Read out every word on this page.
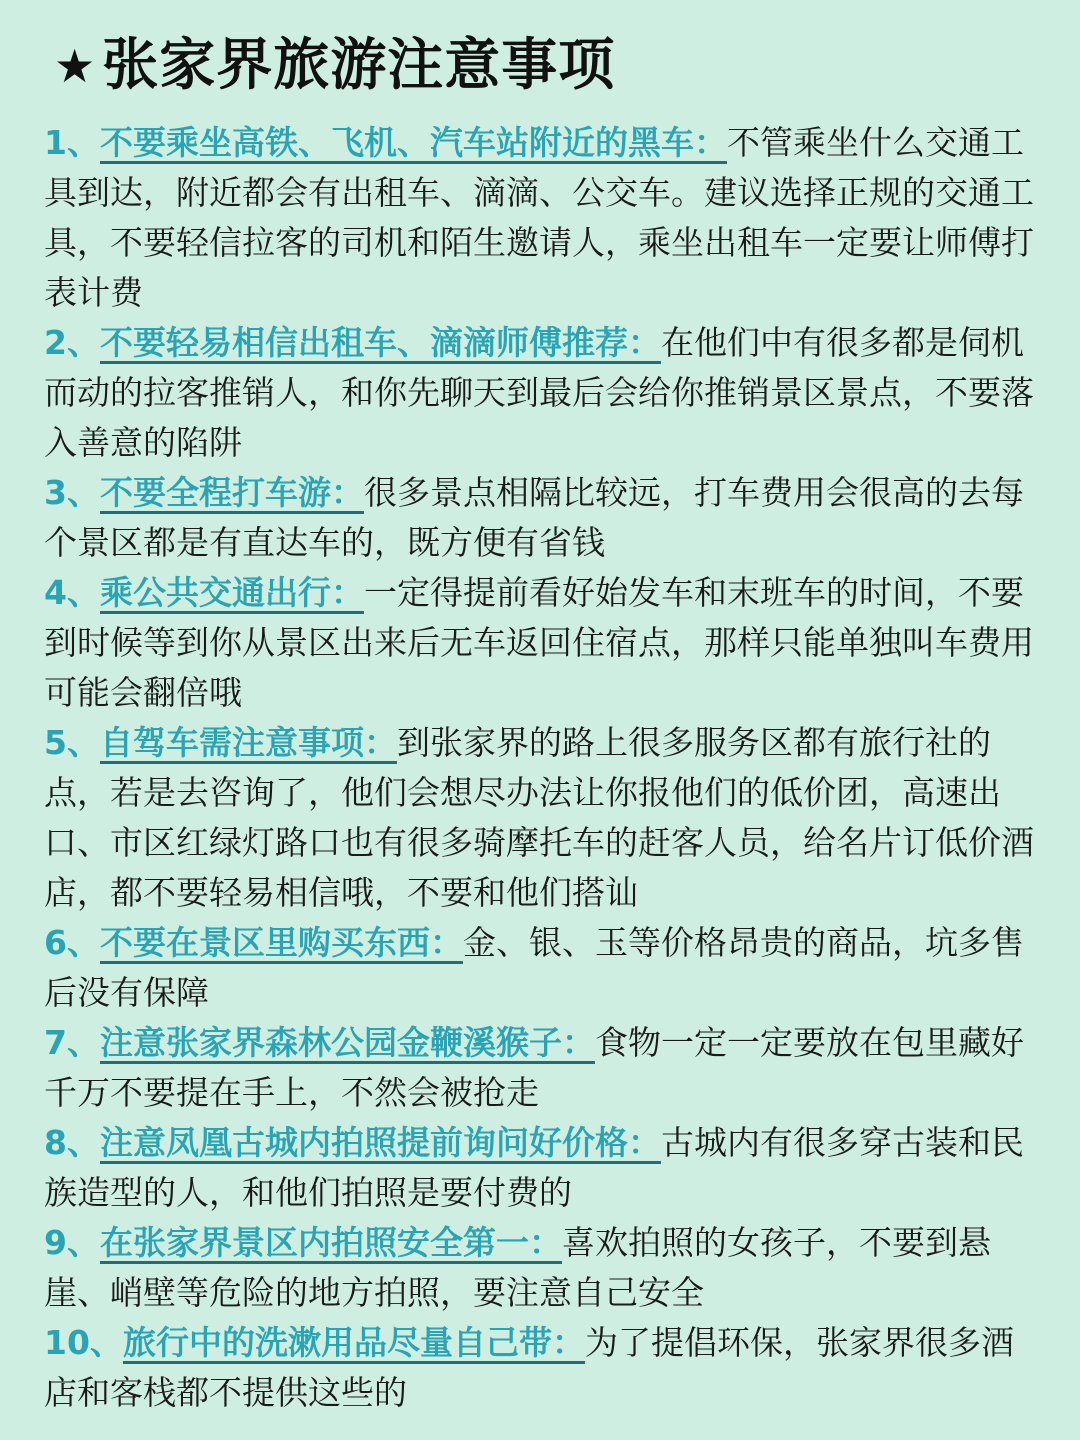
★ 张家界旅游注意事项

1、不要乘坐高铁、飞机、汽车站附近的黑车：不管乘坐什么交通工具到达，附近都会有出租车、滴滴、公交车。建议选择正规的交通工具，不要轻信拉客的司机和陌生邀请人，乘坐出租车一定要让师傅打表计费

2、不要轻易相信出租车、滴滴师傅推荐：在他们中有很多都是伺机而动的拉客推销人，和你先聊天到最后会给你推销景区景点，不要落入善意的陷阱

3、不要全程打车游：很多景点相隔比较远，打车费用会很高的去每个景区都是有直达车的，既方便有省钱

4、乘公共交通出行：一定得提前看好始发车和末班车的时间，不要到时候等到你从景区出来后无车返回住宿点，那样只能单独叫车费用可能会翻倍哦

5、自驾车需注意事项：到张家界的路上很多服务区都有旅行社的点，若是去咨询了，他们会想尽办法让你报他们的低价团，高速出口、市区红绿灯路口也有很多骑摩托车的赶客人员，给名片订低价酒店，都不要轻易相信哦，不要和他们搭讪

6、不要在景区里购买东西：金、银、玉等价格昂贵的商品，坑多售后没有保障

7、注意张家界森林公园金鞭溪猴子：食物一定一定要放在包里藏好千万不要提在手上，不然会被抢走

8、注意凤凰古城内拍照提前询问好价格：古城内有很多穿古装和民族造型的人，和他们拍照是要付费的

9、在张家界景区内拍照安全第一：喜欢拍照的女孩子，不要到悬崖、峭壁等危险的地方拍照，要注意自己安全

10、旅行中的洗漱用品尽量自己带：为了提倡环保，张家界很多酒店和客栈都不提供这些的
